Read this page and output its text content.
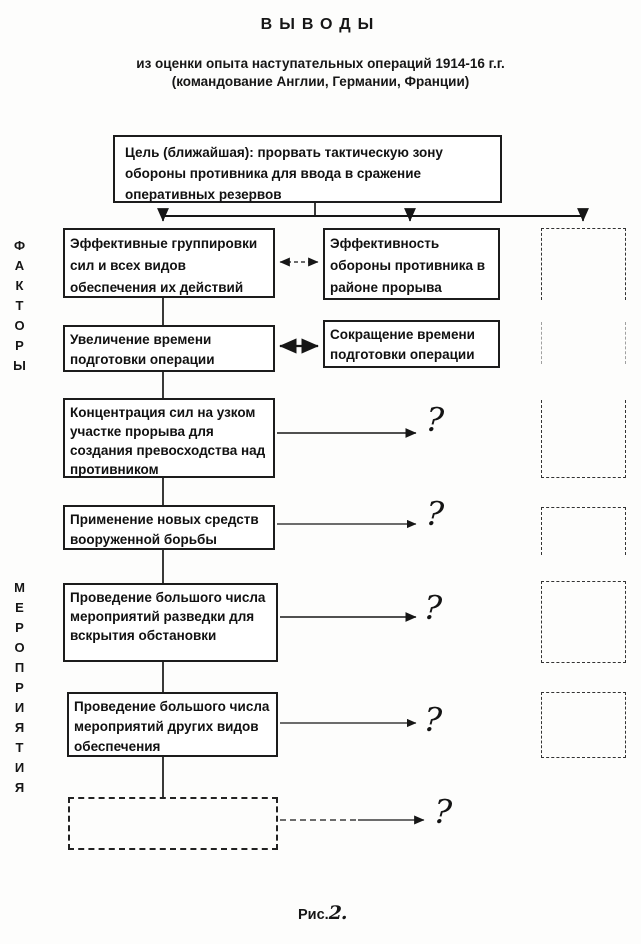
ВЫВОДЫ
из оценки опыта наступательных операций 1914-16 г.г.
(командование Англии, Германии, Франции)
ФАКТОРЫ
МЕРОПРИЯТИЯ
Цель (ближайшая): прорвать тактическую зону обороны противника для ввода в сражение оперативных резервов
Эффективные группировки сил и всех видов обеспечения их действий
Увеличение времени подготовки операции
Эффективность обороны противника в районе прорыва
Сокращение времени подготовки операции
Концентрация сил на узком участке прорыва для создания превосходства над противником
Применение новых средств вооруженной борьбы
Проведение большого числа мероприятий разведки для вскрытия обстановки
Проведение большого числа мероприятий других видов обеспечения
?
?
?
?
?
Рис.2.
